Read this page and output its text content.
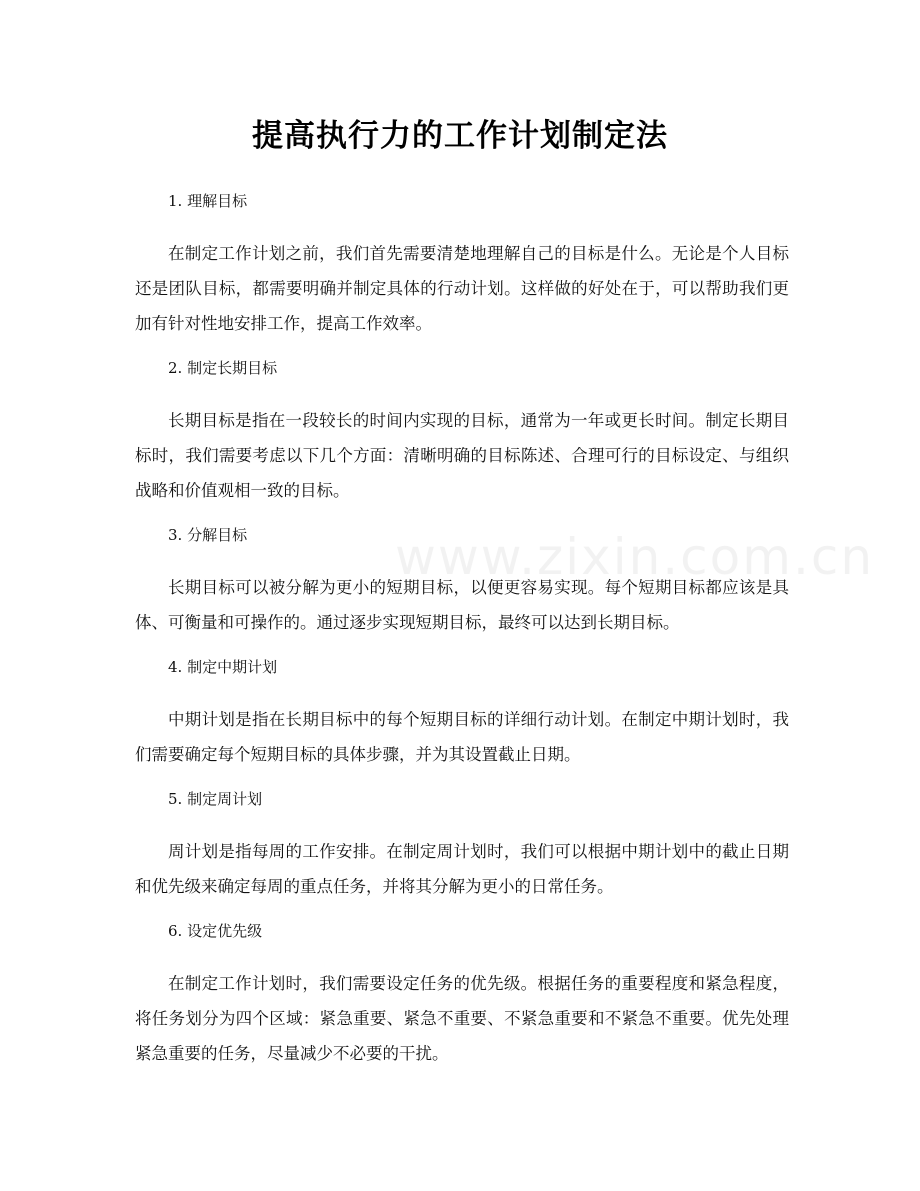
www.zixin.com.cn
提高执行力的工作计划制定法
1. 理解目标

在制定工作计划之前，我们首先需要清楚地理解自己的目标是什么。无论是个人目标还是团队目标，都需要明确并制定具体的行动计划。这样做的好处在于，可以帮助我们更加有针对性地安排工作，提高工作效率。

2. 制定长期目标

长期目标是指在一段较长的时间内实现的目标，通常为一年或更长时间。制定长期目标时，我们需要考虑以下几个方面：清晰明确的目标陈述、合理可行的目标设定、与组织战略和价值观相一致的目标。

3. 分解目标

长期目标可以被分解为更小的短期目标，以便更容易实现。每个短期目标都应该是具体、可衡量和可操作的。通过逐步实现短期目标，最终可以达到长期目标。

4. 制定中期计划

中期计划是指在长期目标中的每个短期目标的详细行动计划。在制定中期计划时，我们需要确定每个短期目标的具体步骤，并为其设置截止日期。

5. 制定周计划

周计划是指每周的工作安排。在制定周计划时，我们可以根据中期计划中的截止日期和优先级来确定每周的重点任务，并将其分解为更小的日常任务。

6. 设定优先级

在制定工作计划时，我们需要设定任务的优先级。根据任务的重要程度和紧急程度，将任务划分为四个区域：紧急重要、紧急不重要、不紧急重要和不紧急不重要。优先处理紧急重要的任务，尽量减少不必要的干扰。
